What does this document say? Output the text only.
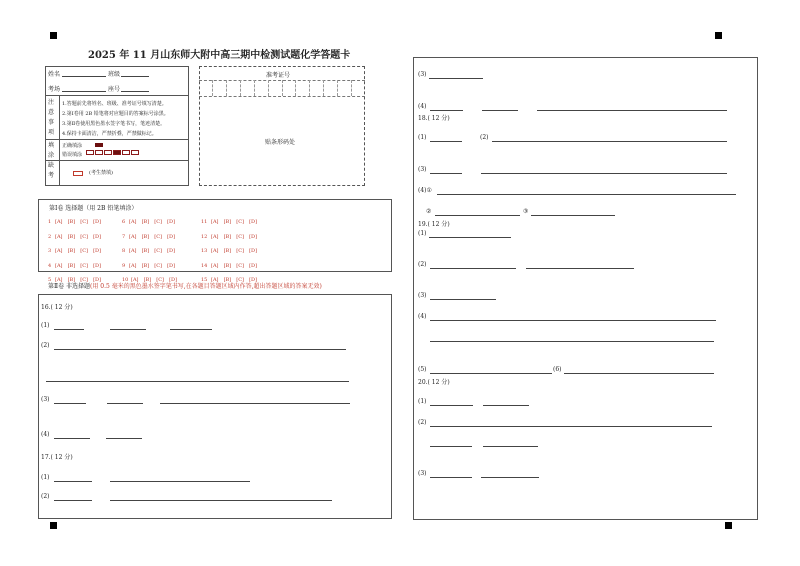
2025 年 11 月山东师大附中高三期中检测试题化学答题卡
姓名	班级
考场	座号
注
意
事
项
1.答题前先将姓名、班级、准考证号填写清楚。
2.第Ⅰ卷用 2B 铅笔将对应题目的答案标号涂黑。
3.第Ⅱ卷使用黑色墨水签字笔书写，笔迹清楚。
4.保持卡面清洁，严禁折叠，严禁做标记。
填
涂
正确填涂
错误填涂
缺
考	(考生禁填)
准考证号
贴条形码处
第Ⅰ卷 选择题（用 2B 铅笔填涂）
1 [A] [B] [C] [D]
2 [A] [B] [C] [D]
3 [A] [B] [C] [D]
4 [A] [B] [C] [D]
5 [A] [B] [C] [D]
6 [A] [B] [C] [D]
7 [A] [B] [C] [D]
8 [A] [B] [C] [D]
9 [A] [B] [C] [D]
10 [A] [B] [C] [D]
11 [A] [B] [C] [D]
12 [A] [B] [C] [D]
13 [A] [B] [C] [D]
14 [A] [B] [C] [D]
15 [A] [B] [C] [D]
第Ⅱ卷 非选择题(用 0.5 毫米的黑色墨水签字笔书写,在各题目答题区域内作答,超出答题区域的答案无效)
16.( 12 分)
(1)
(2)
(3)
(4)
17.( 12 分)
(1)
(2)
(3)
(4)
18.( 12 分)
(1)	(2)
(3)
(4)①
②	③
19.( 12 分)
(1)
(2)
(3)
(4)
(5)	(6)
20.( 12 分)
(1)
(2)
(3)
